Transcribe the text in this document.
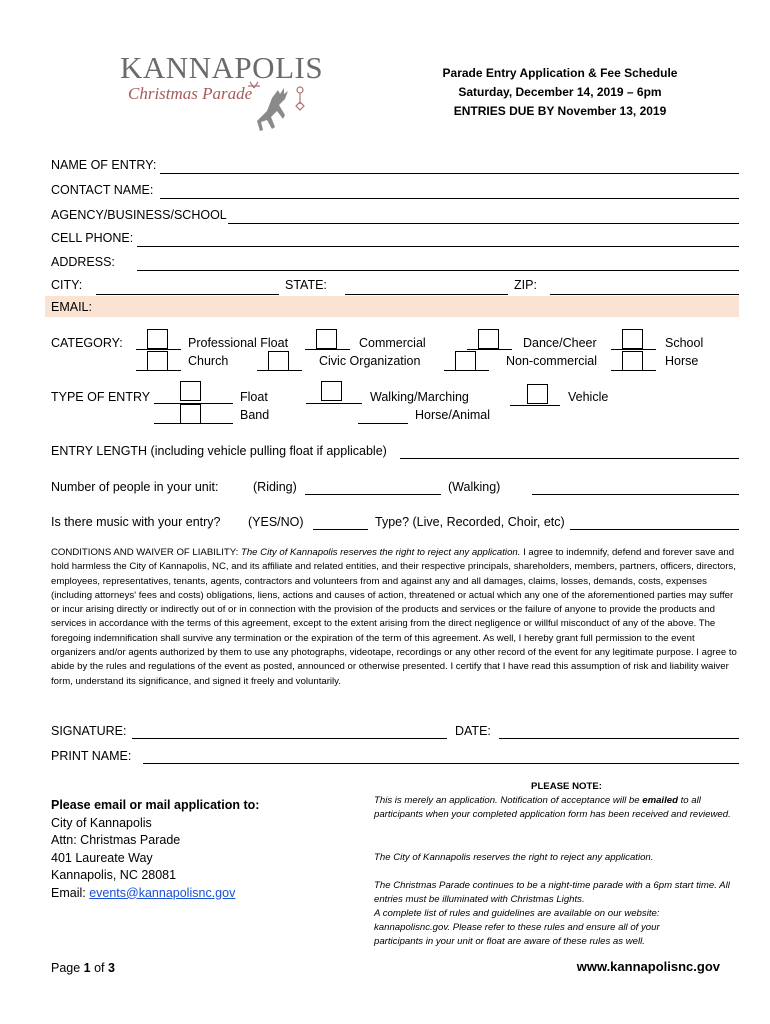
KANNAPOLIS
Christmas Parade
Parade Entry Application & Fee Schedule
Saturday, December 14, 2019 – 6pm
ENTRIES DUE BY November 13, 2019
NAME OF ENTRY:
CONTACT NAME:
AGENCY/BUSINESS/SCHOOL
CELL PHONE:
ADDRESS:
CITY:	STATE:	ZIP:
EMAIL:
CATEGORY:	Professional Float	Commercial	Dance/Cheer	School
Church	Civic Organization	Non-commercial	Horse
TYPE OF ENTRY	Float	Walking/Marching	Vehicle
Band	Horse/Animal
ENTRY LENGTH (including vehicle pulling float if applicable)
Number of people in your unit:	(Riding)	(Walking)
Is there music with your entry? (YES/NO)	Type? (Live, Recorded, Choir, etc)
CONDITIONS AND WAIVER OF LIABILITY: The City of Kannapolis reserves the right to reject any application. I agree to indemnify, defend and forever save and hold harmless the City of Kannapolis, NC, and its affiliate and related entities, and their respective principals, shareholders, members, partners, officers, directors, employees, representatives, tenants, agents, contractors and volunteers from and against any and all damages, claims, losses, demands, costs, expenses (including attorneys' fees and costs) obligations, liens, actions and causes of action, threatened or actual which any one of the aforementioned parties may suffer or incur arising directly or indirectly out of or in connection with the provision of the products and services or the failure of anyone to provide the products and services in accordance with the terms of this agreement, except to the extent arising from the direct negligence or willful misconduct of any of the above. The foregoing indemnification shall survive any termination or the expiration of the term of this agreement. As well, I hereby grant full permission to the event organizers and/or agents authorized by them to use any photographs, videotape, recordings or any other record of the event for any legitimate purpose. I agree to abide by the rules and regulations of the event as posted, announced or otherwise presented. I certify that I have read this assumption of risk and liability waiver form, understand its significance, and signed it freely and voluntarily.
SIGNATURE:	DATE:
PRINT NAME:
Please email or mail application to:
City of Kannapolis
Attn: Christmas Parade
401 Laureate Way
Kannapolis, NC 28081
Email: events@kannapolisnc.gov
PLEASE NOTE:
This is merely an application. Notification of acceptance will be emailed to all participants when your completed application form has been received and reviewed.
The City of Kannapolis reserves the right to reject any application.
The Christmas Parade continues to be a night-time parade with a 6pm start time. All entries must be illuminated with Christmas Lights.
A complete list of rules and guidelines are available on our website: kannapolisnc.gov. Please refer to these rules and ensure all of your participants in your unit or float are aware of these rules as well.
Page 1 of 3	www.kannapolisnc.gov
